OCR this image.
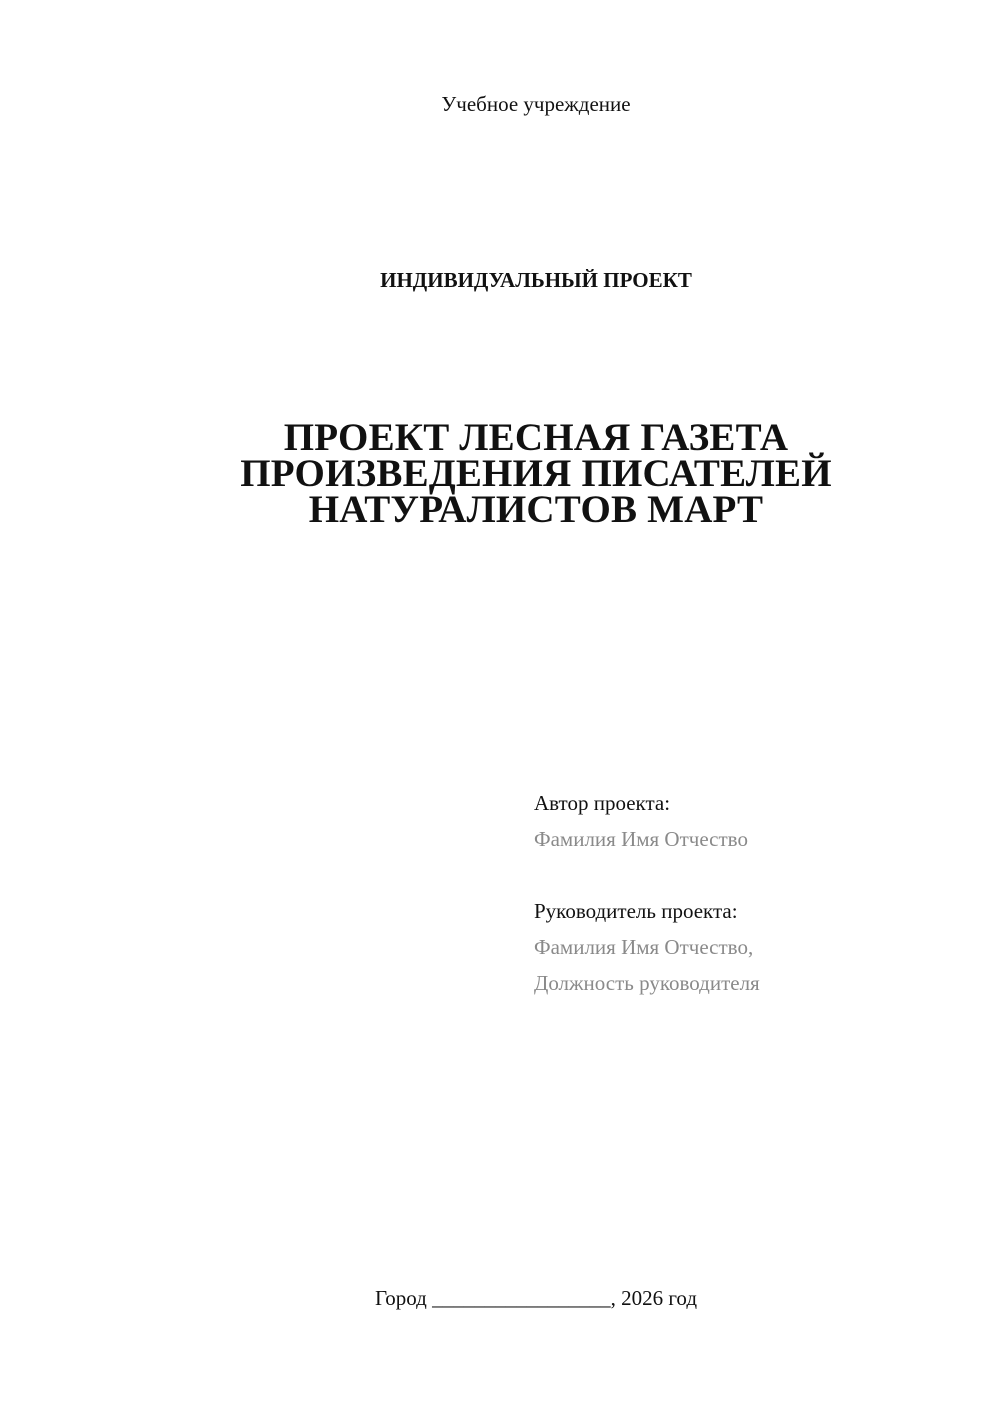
Учебное учреждение
ИНДИВИДУАЛЬНЫЙ ПРОЕКТ
ПРОЕКТ ЛЕСНАЯ ГАЗЕТА
ПРОИЗВЕДЕНИЯ ПИСАТЕЛЕЙ
НАТУРАЛИСТОВ МАРТ
Автор проекта:
Фамилия Имя Отчество
Руководитель проекта:
Фамилия Имя Отчество,
Должность руководителя
Город _________________, 2026 год
